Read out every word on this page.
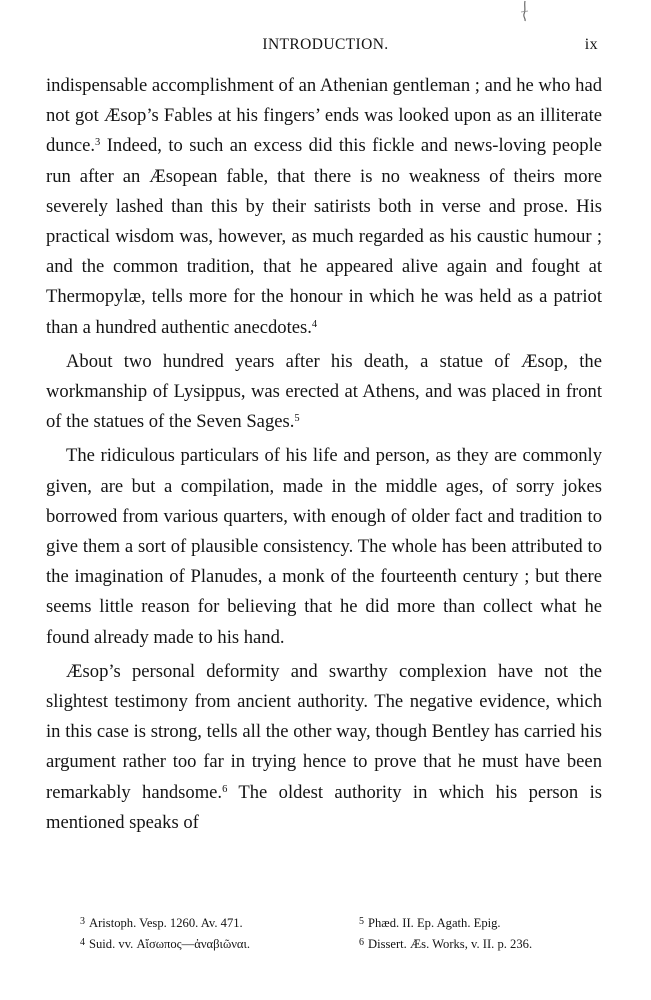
INTRODUCTION.	ix

indispensable accomplishment of an Athenian gentleman ; and he who had not got Æsop’s Fables at his fingers’ ends was looked upon as an illiterate dunce.$^3$ Indeed, to such an excess did this fickle and news-loving people run after an Æsopean fable, that there is no weakness of theirs more severely lashed than this by their satirists both in verse and prose. His practical wisdom was, however, as much regarded as his caustic humour ; and the common tradition, that he appeared alive again and fought at Thermopylæ, tells more for the honour in which he was held as a patriot than a hundred authentic anecdotes.$^4$

About two hundred years after his death, a statue of Æsop, the workmanship of Lysippus, was erected at Athens, and was placed in front of the statues of the Seven Sages.$^5$

The ridiculous particulars of his life and person, as they are commonly given, are but a compilation, made in the middle ages, of sorry jokes borrowed from various quarters, with enough of older fact and tradition to give them a sort of plausible consistency. The whole has been attributed to the imagination of Planudes, a monk of the fourteenth century ; but there seems little reason for believing that he did more than collect what he found already made to his hand.

Æsop’s personal deformity and swarthy complexion have not the slightest testimony from ancient authority. The negative evidence, which in this case is strong, tells all the other way, though Bentley has carried his argument rather too far in trying hence to prove that he must have been remarkably handsome.$^6$ The oldest authority in which his person is mentioned speaks of

$^3$ Aristoph. Vesp. 1260. Av. 471.
$^4$ Suid. vv. Αἴσωπος—ἀναβιῶναι.
$^5$ Phæd. II. Ep. Agath. Epig.
$^6$ Dissert. Æs. Works, v. II. p. 236.
